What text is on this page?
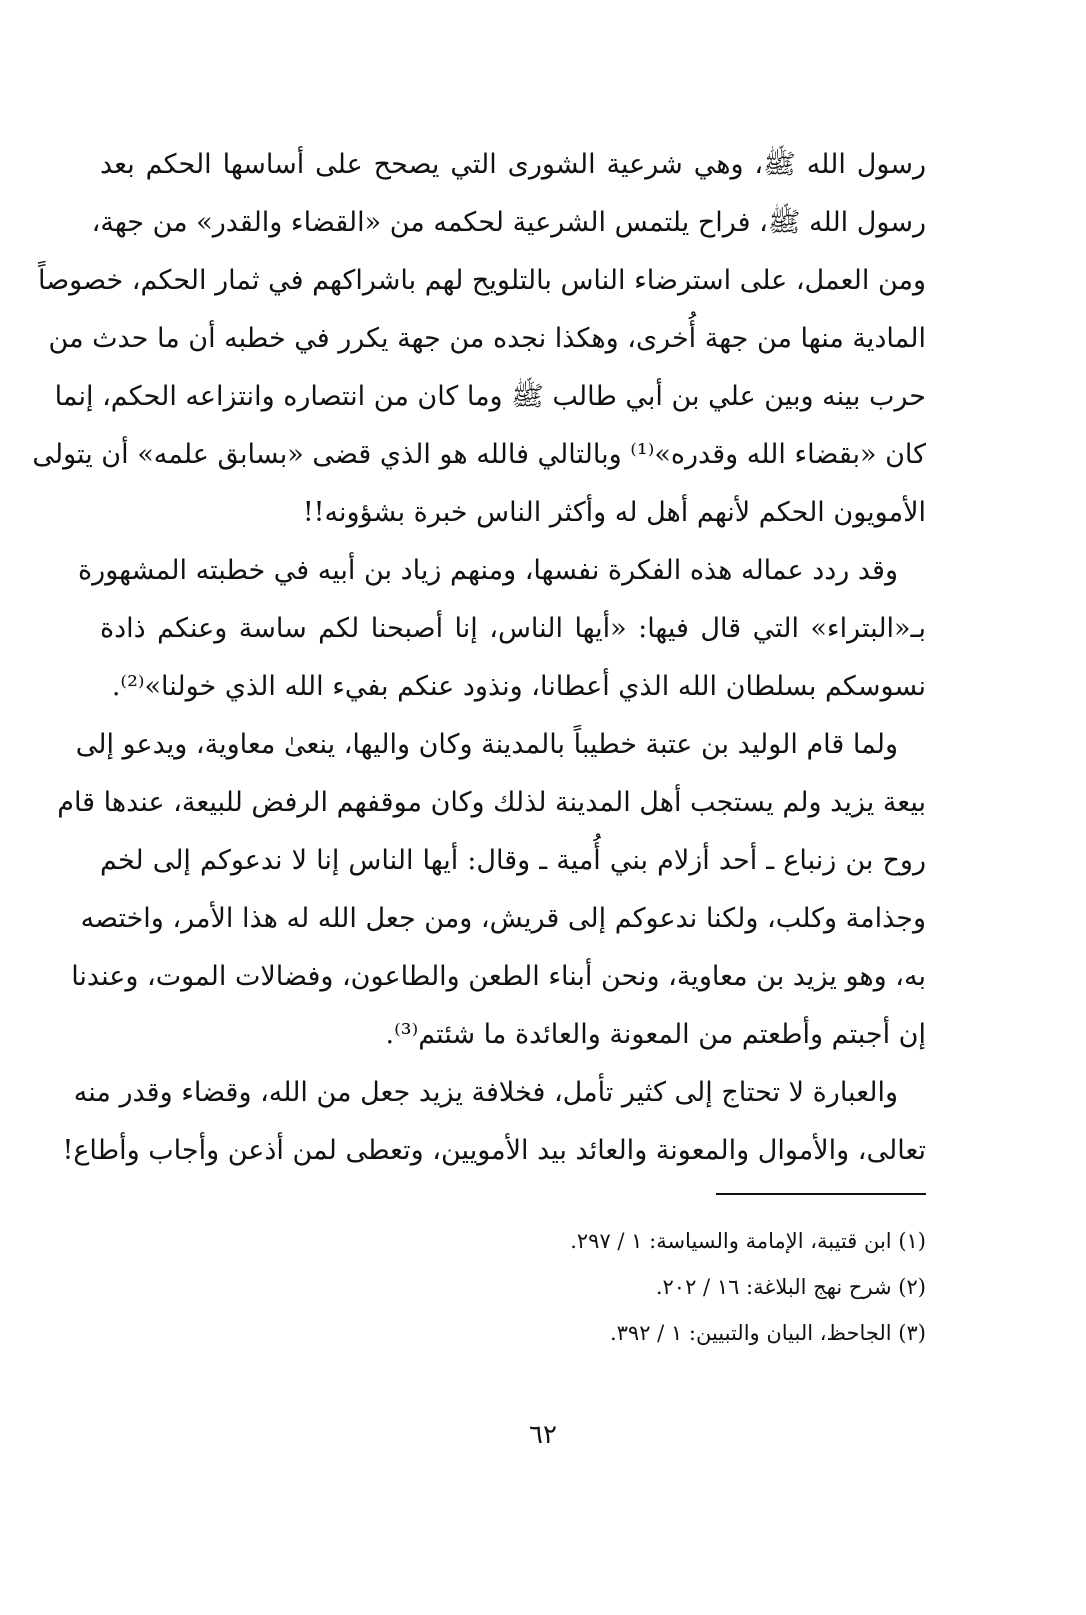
رسول الله ﷺ، وهي شرعية الشورى التي يصحح على أساسها الحكم بعد
رسول الله ﷺ، فراح يلتمس الشرعية لحكمه من «القضاء والقدر» من جهة،
ومن العمل، على استرضاء الناس بالتلويح لهم باشراكهم في ثمار الحكم، خصوصاً
المادية منها من جهة أُخرى، وهكذا نجده من جهة يكرر في خطبه أن ما حدث من
حرب بينه وبين علي بن أبي طالب ﷺ وما كان من انتصاره وانتزاعه الحكم، إنما
كان «بقضاء الله وقدره»⁽¹⁾ وبالتالي فالله هو الذي قضى «بسابق علمه» أن يتولى
الأمويون الحكم لأنهم أهل له وأكثر الناس خبرة بشؤونه!!
وقد ردد عماله هذه الفكرة نفسها، ومنهم زياد بن أبيه في خطبته المشهورة
بـ«البتراء» التي قال فيها: «أيها الناس، إنا أصبحنا لكم ساسة وعنكم ذادة
نسوسكم بسلطان الله الذي أعطانا، ونذود عنكم بفيء الله الذي خولنا»⁽²⁾.
ولما قام الوليد بن عتبة خطيباً بالمدينة وكان واليها، ينعىٰ معاوية، ويدعو إلى
بيعة يزيد ولم يستجب أهل المدينة لذلك وكان موقفهم الرفض للبيعة، عندها قام
روح بن زنباع ـ أحد أزلام بني أُمية ـ وقال: أيها الناس إنا لا ندعوكم إلى لخم
وجذامة وكلب، ولكنا ندعوكم إلى قريش، ومن جعل الله له هذا الأمر، واختصه
به، وهو يزيد بن معاوية، ونحن أبناء الطعن والطاعون، وفضالات الموت، وعندنا
إن أجبتم وأطعتم من المعونة والعائدة ما شئتم⁽³⁾.
والعبارة لا تحتاج إلى كثير تأمل، فخلافة يزيد جعل من الله، وقضاء وقدر منه
تعالى، والأموال والمعونة والعائد بيد الأمويين، وتعطى لمن أذعن وأجاب وأطاع!
(١) ابن قتيبة، الإمامة والسياسة: ١ / ٢٩٧.
(٢) شرح نهج البلاغة: ١٦ / ٢٠٢.
(٣) الجاحظ، البيان والتبيين: ١ / ٣٩٢.
٦٢
